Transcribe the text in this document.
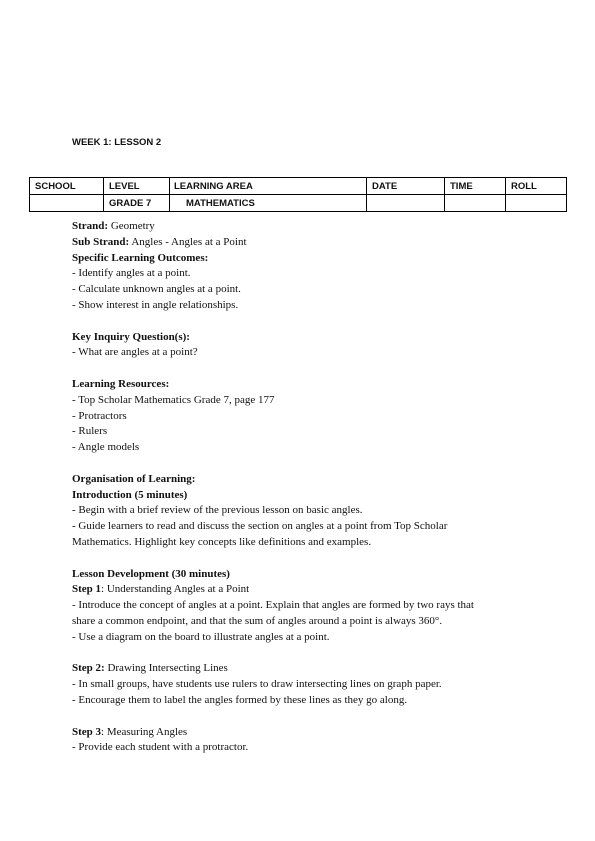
WEEK 1: LESSON 2
SCHOOL	LEVEL	LEARNING AREA	DATE	TIME	ROLL
	GRADE 7	MATHEMATICS			

Strand: Geometry

Sub Strand: Angles - Angles at a Point

Specific Learning Outcomes:

- Identify angles at a point.

- Calculate unknown angles at a point.

- Show interest in angle relationships.

Key Inquiry Question(s):

- What are angles at a point?

Learning Resources:

- Top Scholar Mathematics Grade 7, page 177

- Protractors

- Rulers

- Angle models

Organisation of Learning:

Introduction (5 minutes)

- Begin with a brief review of the previous lesson on basic angles.

- Guide learners to read and discuss the section on angles at a point from Top Scholar

Mathematics. Highlight key concepts like definitions and examples.

Lesson Development (30 minutes)

Step 1: Understanding Angles at a Point

- Introduce the concept of angles at a point. Explain that angles are formed by two rays that

share a common endpoint, and that the sum of angles around a point is always 360°.

- Use a diagram on the board to illustrate angles at a point.

Step 2: Drawing Intersecting Lines

- In small groups, have students use rulers to draw intersecting lines on graph paper.

- Encourage them to label the angles formed by these lines as they go along.

Step 3: Measuring Angles

- Provide each student with a protractor.
